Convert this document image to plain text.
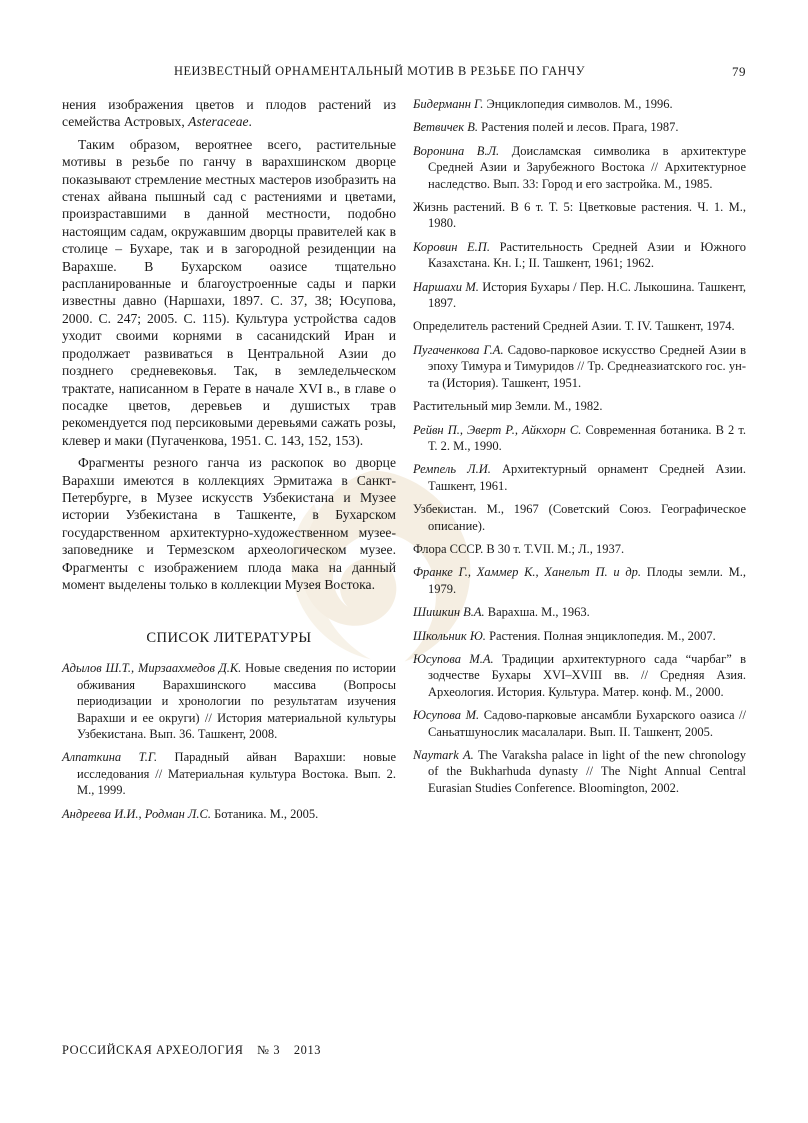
НЕИЗВЕСТНЫЙ ОРНАМЕНТАЛЬНЫЙ МОТИВ В РЕЗЬБЕ ПО ГАНЧУ	79

нения изображения цветов и плодов растений из семейства Астровых, Asteraceae.

Таким образом, вероятнее всего, растительные мотивы в резьбе по ганчу в варахшинском дворце показывают стремление местных мастеров изобразить на стенах айвана пышный сад с растениями и цветами, произраставшими в данной местности, подобно настоящим садам, окружавшим дворцы правителей как в столице – Бухаре, так и в загородной резиденции на Варахше. В Бухарском оазисе тщательно распланированные и благоустроенные сады и парки известны давно (Наршахи, 1897. С. 37, 38; Юсупова, 2000. С. 247; 2005. С. 115). Культура устройства садов уходит своими корнями в сасанидский Иран и продолжает развиваться в Центральной Азии до позднего средневековья. Так, в земледельческом трактате, написанном в Герате в начале XVI в., в главе о посадке цветов, деревьев и душистых трав рекомендуется под персиковыми деревьями сажать розы, клевер и маки (Пугаченкова, 1951. С. 143, 152, 153).

Фрагменты резного ганча из раскопок во дворце Варахши имеются в коллекциях Эрмитажа в Санкт-Петербурге, в Музее искусств Узбекистана и Музее истории Узбекистана в Ташкенте, в Бухарском государственном архитектурно-художественном музее-заповеднике и Термезском археологическом музее. Фрагменты с изображением плода мака на данный момент выделены только в коллекции Музея Востока.

СПИСОК ЛИТЕРАТУРЫ
Адылов Ш.Т., Мирзаахмедов Д.К. Новые сведения по истории обживания Варахшинского массива (Вопросы периодизации и хронологии по результатам изучения Варахши и ее округи) // История материальной культуры Узбекистана. Вып. 36. Ташкент, 2008.
Алпаткина Т.Г. Парадный айван Варахши: новые исследования // Материальная культура Востока. Вып. 2. М., 1999.
Андреева И.И., Родман Л.С. Ботаника. М., 2005.
Бидерманн Г. Энциклопедия символов. М., 1996.
Ветвичек В. Растения полей и лесов. Прага, 1987.
Воронина В.Л. Доисламская символика в архитектуре Средней Азии и Зарубежного Востока // Архитектурное наследство. Вып. 33: Город и его застройка. М., 1985.
Жизнь растений. В 6 т. Т. 5: Цветковые растения. Ч. 1. М., 1980.
Коровин Е.П. Растительность Средней Азии и Южного Казахстана. Кн. I.; II. Ташкент, 1961; 1962.
Наршахи М. История Бухары / Пер. Н.С. Лыкошина. Ташкент, 1897.
Определитель растений Средней Азии. Т. IV. Ташкент, 1974.
Пугаченкова Г.А. Садово-парковое искусство Средней Азии в эпоху Тимура и Тимуридов // Тр. Среднеазиатского гос. ун-та (История). Ташкент, 1951.
Растительный мир Земли. М., 1982.
Рейвн П., Эверт Р., Айкхорн С. Современная ботаника. В 2 т. Т. 2. М., 1990.
Ремпель Л.И. Архитектурный орнамент Средней Азии. Ташкент, 1961.
Узбекистан. М., 1967 (Советский Союз. Географическое описание).
Флора СССР. В 30 т. Т.VII. М.; Л., 1937.
Франке Г., Хаммер К., Ханельт П. и др. Плоды земли. М., 1979.
Шишкин В.А. Варахша. М., 1963.
Школьник Ю. Растения. Полная энциклопедия. М., 2007.
Юсупова М.А. Традиции архитектурного сада “чарбаг” в зодчестве Бухары XVI–XVIII вв. // Средняя Азия. Археология. История. Культура. Матер. конф. М., 2000.
Юсупова М. Садово-парковые ансамбли Бухарского оазиса // Саньатшунослик масалалари. Вып. II. Ташкент, 2005.
Naymark A. The Varaksha palace in light of the new chronology of the Bukharhuda dynasty // The Night Annual Central Eurasian Studies Conference. Bloomington, 2002.
РОССИЙСКАЯ АРХЕОЛОГИЯ № 3 2013
